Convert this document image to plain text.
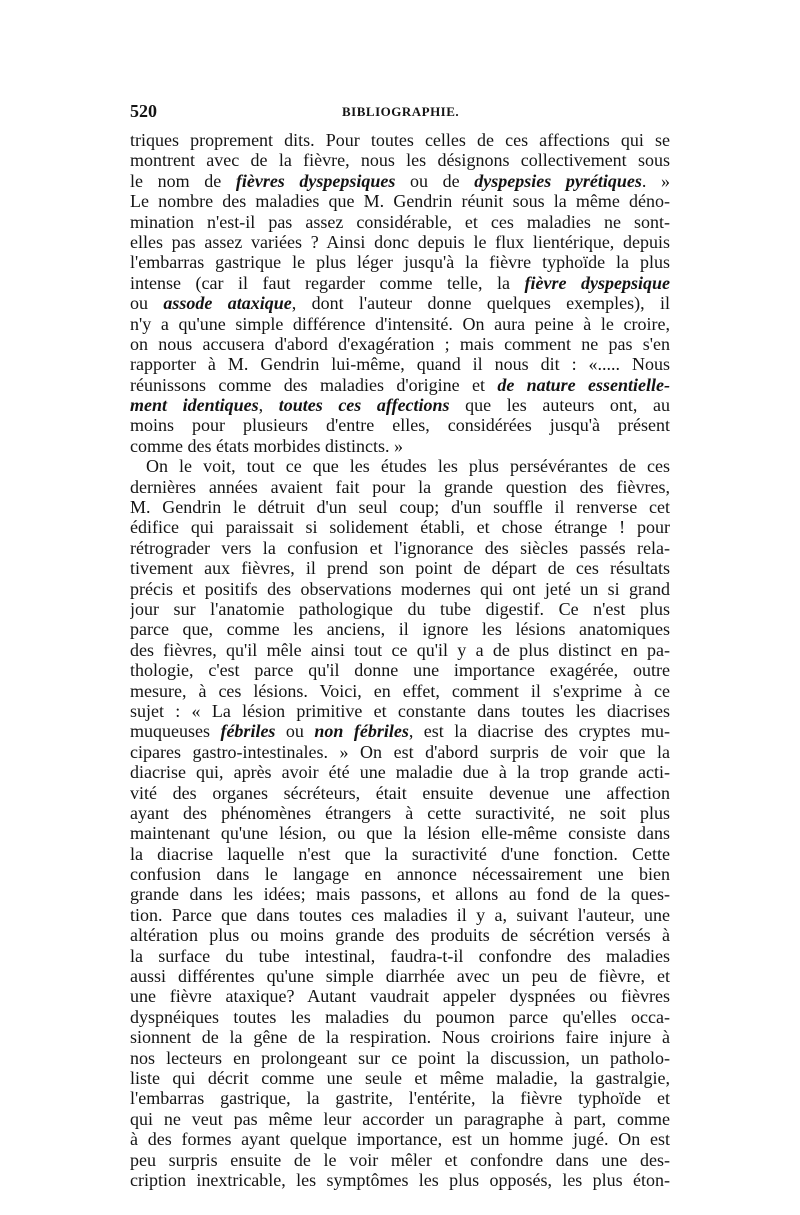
520	BIBLIOGRAPHIE.
triques proprement dits. Pour toutes celles de ces affections qui se
montrent avec de la fièvre, nous les désignons collectivement sous
le nom de fièvres dyspepsiques ou de dyspepsies pyrétiques. »
Le nombre des maladies que M. Gendrin réunit sous la même déno-
mination n'est-il pas assez considérable, et ces maladies ne sont-
elles pas assez variées ? Ainsi donc depuis le flux lientérique, depuis
l'embarras gastrique le plus léger jusqu'à la fièvre typhoïde la plus
intense (car il faut regarder comme telle, la fièvre dyspepsique
ou assode ataxique, dont l'auteur donne quelques exemples), il
n'y a qu'une simple différence d'intensité. On aura peine à le croire,
on nous accusera d'abord d'exagération ; mais comment ne pas s'en
rapporter à M. Gendrin lui-même, quand il nous dit : «..... Nous
réunissons comme des maladies d'origine et de nature essentielle-
ment identiques, toutes ces affections que les auteurs ont, au
moins pour plusieurs d'entre elles, considérées jusqu'à présent
comme des états morbides distincts. »
On le voit, tout ce que les études les plus persévérantes de ces
dernières années avaient fait pour la grande question des fièvres,
M. Gendrin le détruit d'un seul coup; d'un souffle il renverse cet
édifice qui paraissait si solidement établi, et chose étrange ! pour
rétrograder vers la confusion et l'ignorance des siècles passés rela-
tivement aux fièvres, il prend son point de départ de ces résultats
précis et positifs des observations modernes qui ont jeté un si grand
jour sur l'anatomie pathologique du tube digestif. Ce n'est plus
parce que, comme les anciens, il ignore les lésions anatomiques
des fièvres, qu'il mêle ainsi tout ce qu'il y a de plus distinct en pa-
thologie, c'est parce qu'il donne une importance exagérée, outre
mesure, à ces lésions. Voici, en effet, comment il s'exprime à ce
sujet : « La lésion primitive et constante dans toutes les diacrises
muqueuses fébriles ou non fébriles, est la diacrise des cryptes mu-
cipares gastro-intestinales. » On est d'abord surpris de voir que la
diacrise qui, après avoir été une maladie due à la trop grande acti-
vité des organes sécréteurs, était ensuite devenue une affection
ayant des phénomènes étrangers à cette suractivité, ne soit plus
maintenant qu'une lésion, ou que la lésion elle-même consiste dans
la diacrise laquelle n'est que la suractivité d'une fonction. Cette
confusion dans le langage en annonce nécessairement une bien
grande dans les idées; mais passons, et allons au fond de la ques-
tion. Parce que dans toutes ces maladies il y a, suivant l'auteur, une
altération plus ou moins grande des produits de sécrétion versés à
la surface du tube intestinal, faudra-t-il confondre des maladies
aussi différentes qu'une simple diarrhée avec un peu de fièvre, et
une fièvre ataxique? Autant vaudrait appeler dyspnées ou fièvres
dyspnéiques toutes les maladies du poumon parce qu'elles occa-
sionnent de la gêne de la respiration. Nous croirions faire injure à
nos lecteurs en prolongeant sur ce point la discussion, un patholo-
liste qui décrit comme une seule et même maladie, la gastralgie,
l'embarras gastrique, la gastrite, l'entérite, la fièvre typhoïde et
qui ne veut pas même leur accorder un paragraphe à part, comme
à des formes ayant quelque importance, est un homme jugé. On est
peu surpris ensuite de le voir mêler et confondre dans une des-
cription inextricable, les symptômes les plus opposés, les plus éton-
